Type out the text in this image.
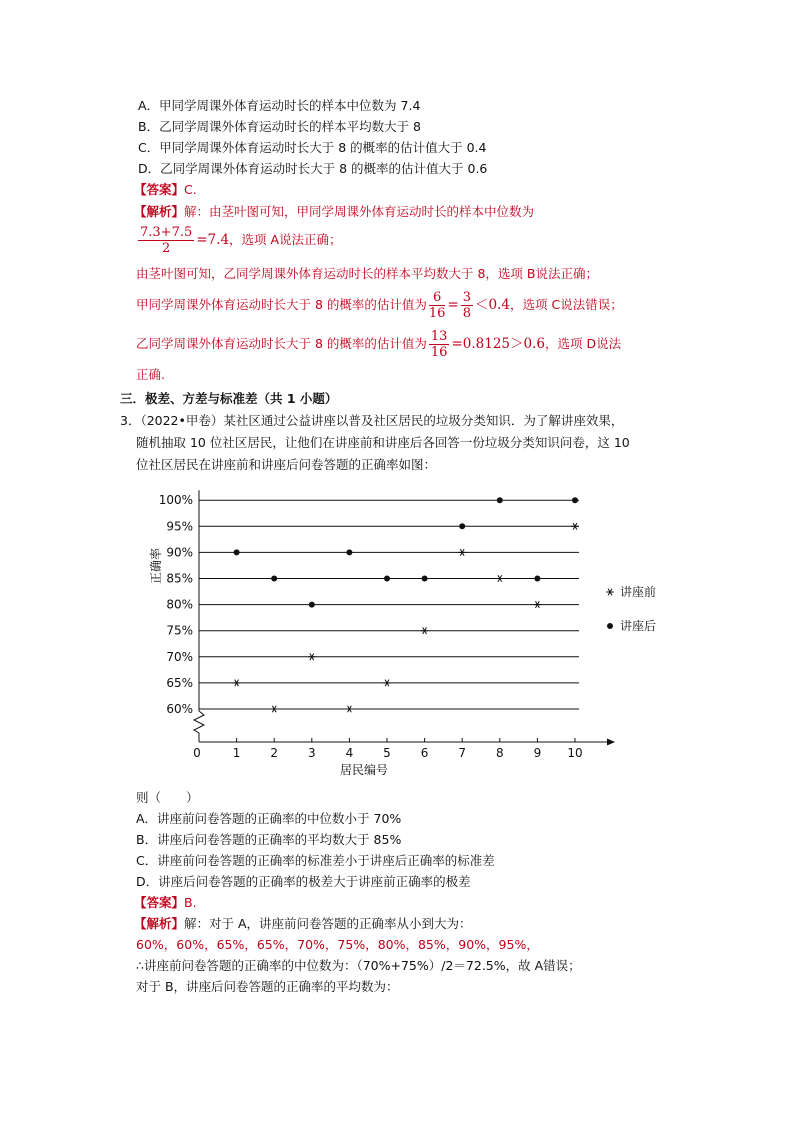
A．甲同学周课外体育运动时长的样本中位数为 7.4
B．乙同学周课外体育运动时长的样本平均数大于 8
C．甲同学周课外体育运动时长大于 8 的概率的估计值大于 0.4
D．乙同学周课外体育运动时长大于 8 的概率的估计值大于 0.6
【答案】C.
【解析】解：由茎叶图可知，甲同学周课外体育运动时长的样本中位数为
$\frac{7.3+7.5}{2} =7.4$，选项 A说法正确；
由茎叶图可知，乙同学周课外体育运动时长的样本平均数大于 8，选项 B说法正确；
甲同学周课外体育运动时长大于 8 的概率的估计值为 $\frac{6}{16} = \frac{3}{8} <0.4$，选项 C说法错误；
乙同学周课外体育运动时长大于 8 的概率的估计值为 $\frac{13}{16} =0.8125>0.6$，选项 D说法
正确.
三．极差、方差与标准差（共 1 小题）
3．（2022•甲卷）某社区通过公益讲座以普及社区居民的垃圾分类知识．为了解讲座效果，
随机抽取 10 位社区居民，让他们在讲座前和讲座后各回答一份垃圾分类知识问卷，这 10
位社区居民在讲座前和讲座后问卷答题的正确率如图：
60%
65%
70%
75%
80%
85%
90%
95%
100%
0	1 2 3 4 5 6 7 8 9 10
正确率
居民编号
讲座前
讲座后
则（　　）
A．讲座前问卷答题的正确率的中位数小于 70%
B．讲座后问卷答题的正确率的平均数大于 85%
C．讲座前问卷答题的正确率的标准差小于讲座后正确率的标准差
D．讲座后问卷答题的正确率的极差大于讲座前正确率的极差
【答案】B.
【解析】解：对于 A，讲座前问卷答题的正确率从小到大为：
60%，60%，65%，65%，70%，75%，80%，85%，90%，95%，
∴讲座前问卷答题的正确率的中位数为：（70%+75%）/2＝72.5%，故 A错误；
对于 B，讲座后问卷答题的正确率的平均数为：
